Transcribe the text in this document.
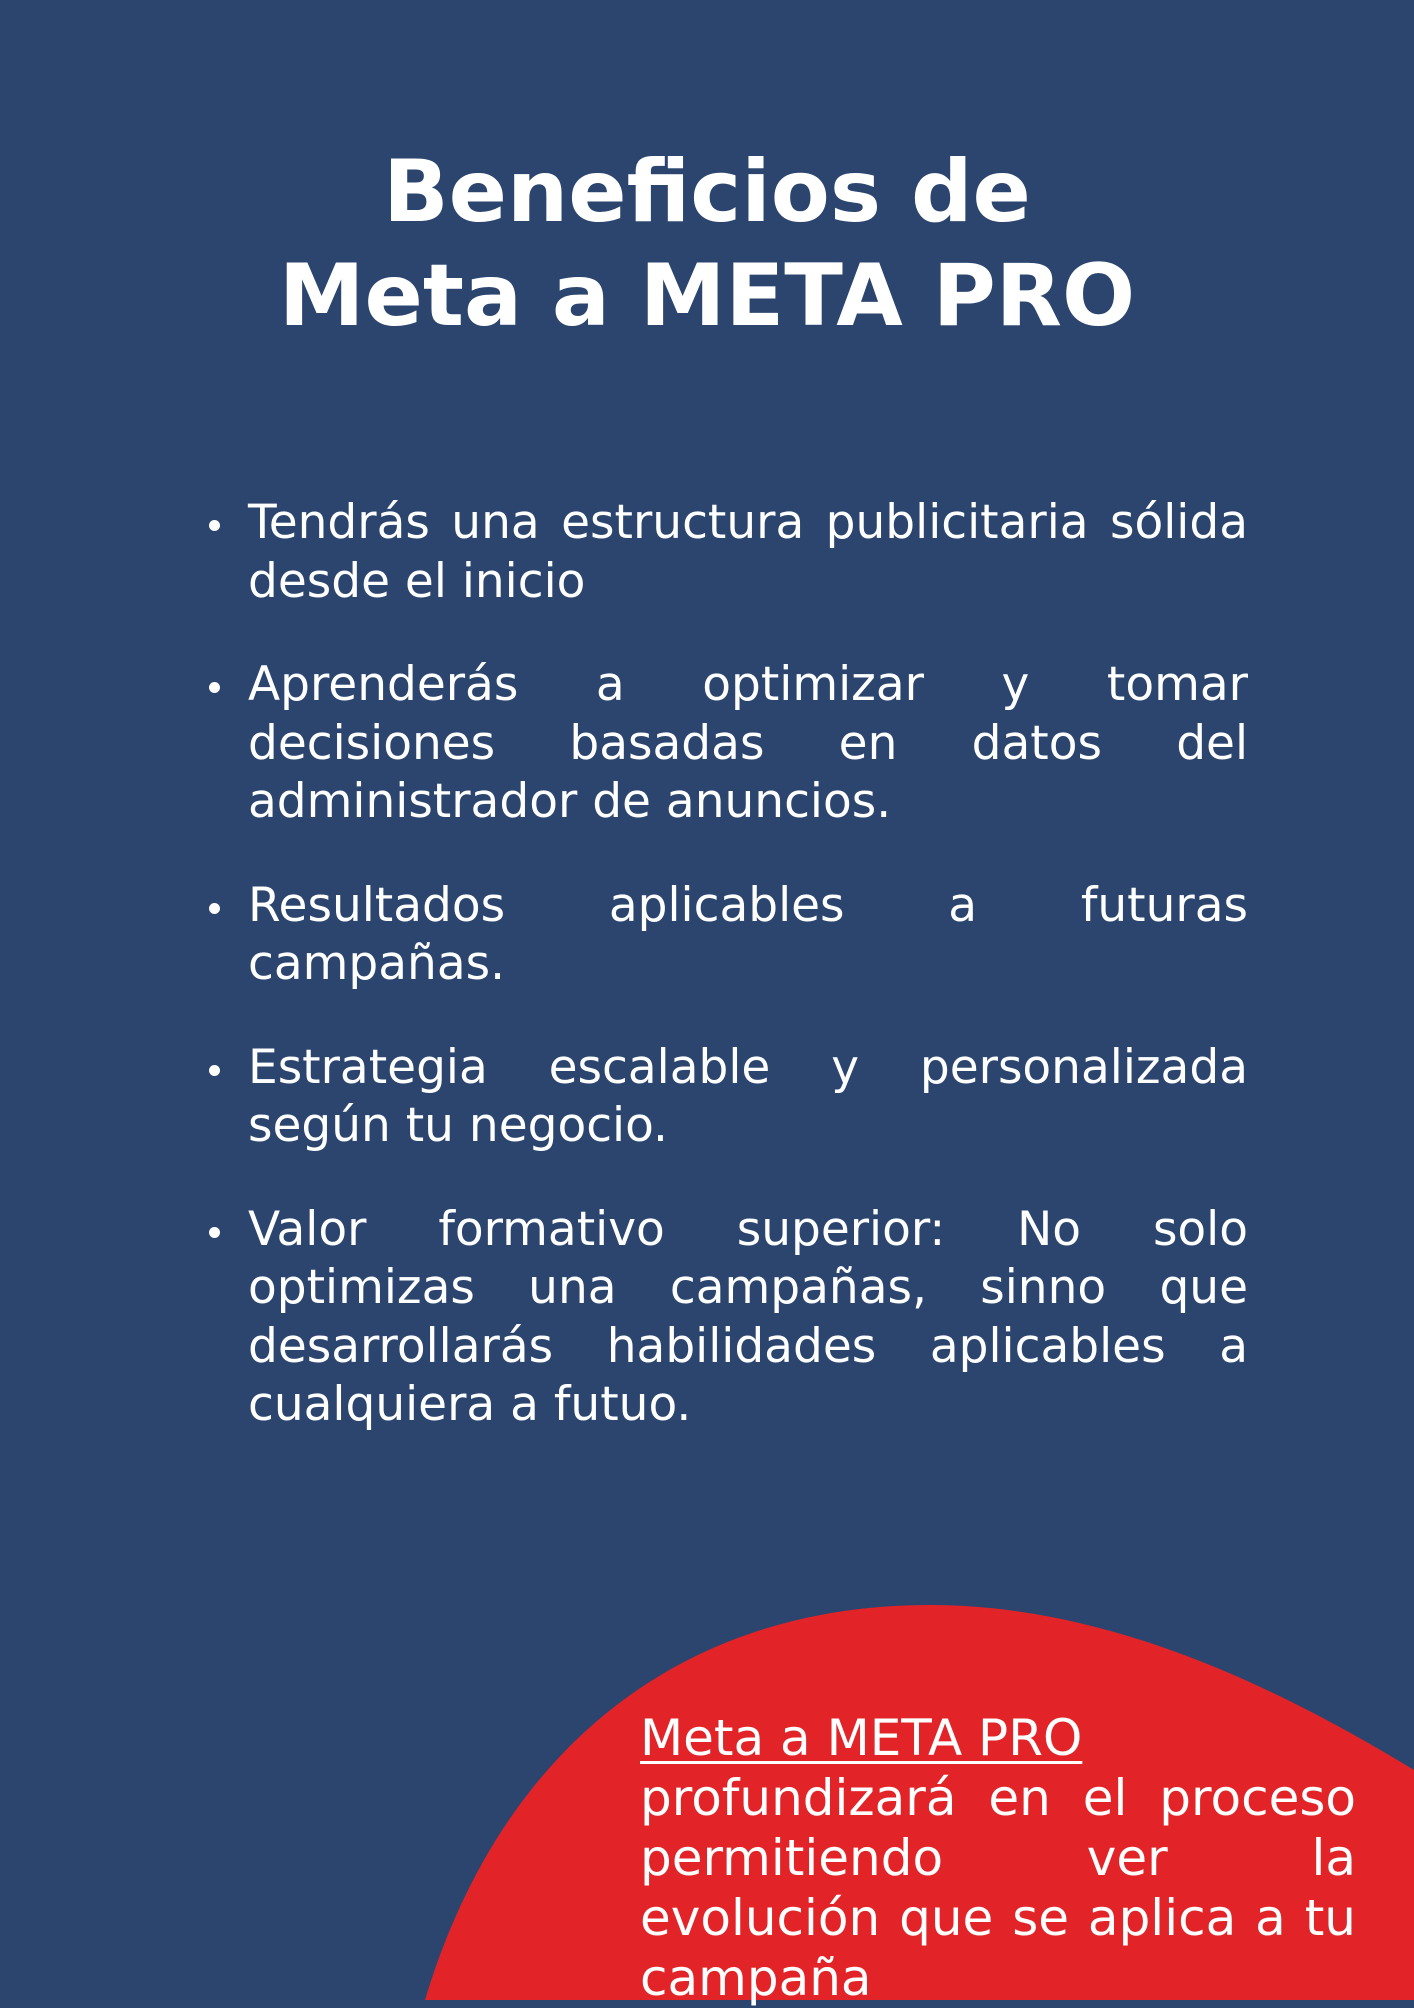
Beneficios de
Meta a META PRO
Tendrás una estructura publicitaria sólida desde el inicio
Aprenderás a optimizar y tomar decisiones basadas en datos del administrador de anuncios.
Resultados aplicables a futuras campañas.
Estrategia escalable y personalizada según tu negocio.
Valor formativo superior: No solo optimizas una campañas, sinno que desarrollarás habilidades aplicables a cualquiera a futuo.
Meta a META PRO
profundizará en el proceso permitiendo ver la evolución que se aplica a tu campaña
